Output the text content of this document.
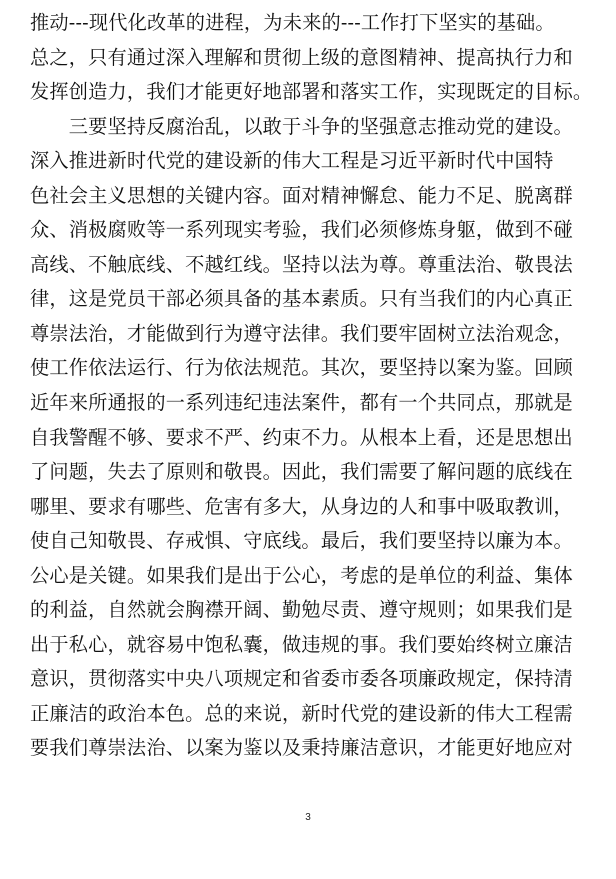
推动---现代化改革的进程，为未来的---工作打下坚实的基础。
总之，只有通过深入理解和贯彻上级的意图精神、提高执行力和
发挥创造力，我们才能更好地部署和落实工作，实现既定的目标。
　　三要坚持反腐治乱，以敢于斗争的坚强意志推动党的建设。
深入推进新时代党的建设新的伟大工程是习近平新时代中国特
色社会主义思想的关键内容。面对精神懈怠、能力不足、脱离群
众、消极腐败等一系列现实考验，我们必须修炼身躯，做到不碰
高线、不触底线、不越红线。坚持以法为尊。尊重法治、敬畏法
律，这是党员干部必须具备的基本素质。只有当我们的内心真正
尊崇法治，才能做到行为遵守法律。我们要牢固树立法治观念，
使工作依法运行、行为依法规范。其次，要坚持以案为鉴。回顾
近年来所通报的一系列违纪违法案件，都有一个共同点，那就是
自我警醒不够、要求不严、约束不力。从根本上看，还是思想出
了问题，失去了原则和敬畏。因此，我们需要了解问题的底线在
哪里、要求有哪些、危害有多大，从身边的人和事中吸取教训，
使自己知敬畏、存戒惧、守底线。最后，我们要坚持以廉为本。
公心是关键。如果我们是出于公心，考虑的是单位的利益、集体
的利益，自然就会胸襟开阔、勤勉尽责、遵守规则；如果我们是
出于私心，就容易中饱私囊，做违规的事。我们要始终树立廉洁
意识，贯彻落实中央八项规定和省委市委各项廉政规定，保持清
正廉洁的政治本色。总的来说，新时代党的建设新的伟大工程需
要我们尊崇法治、以案为鉴以及秉持廉洁意识，才能更好地应对
3
